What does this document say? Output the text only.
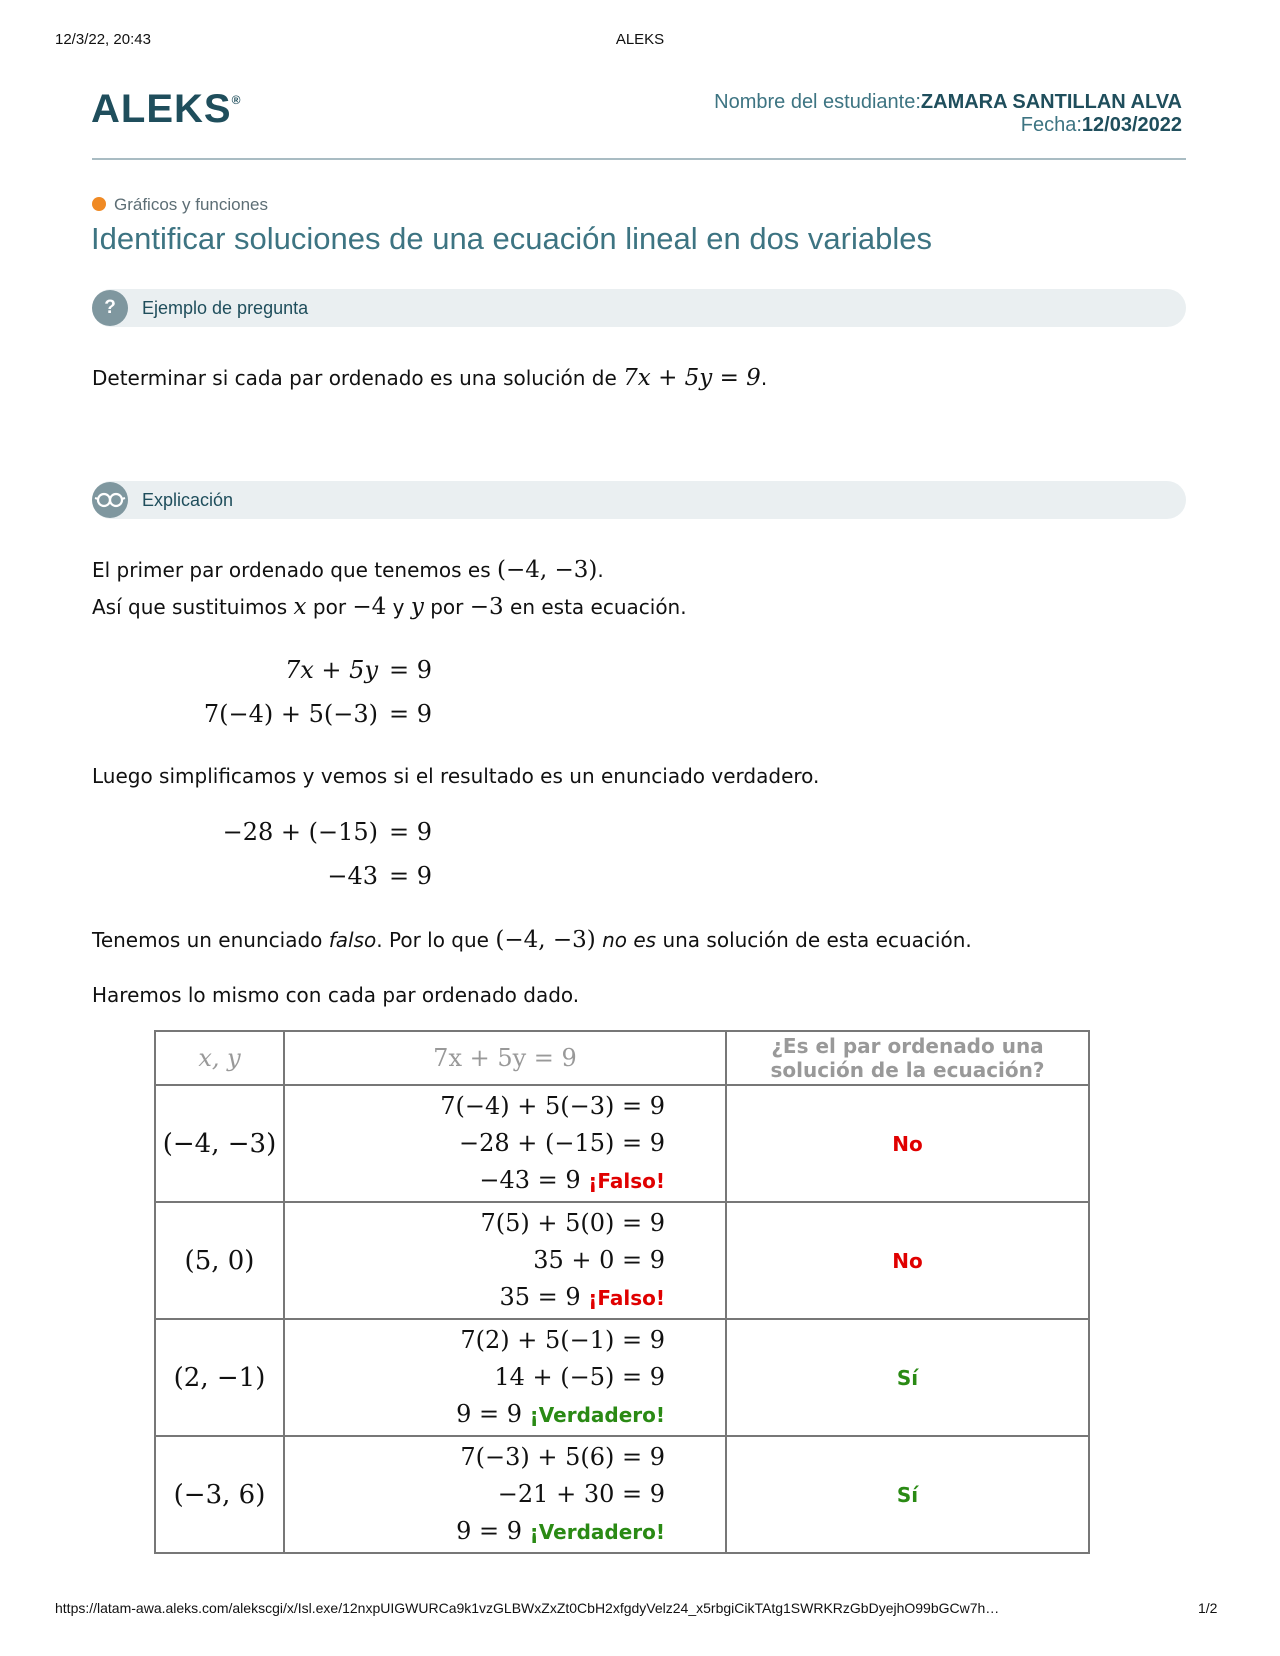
12/3/22, 20:43	ALEKS
ALEKS®	Nombre del estudiante:ZAMARA SANTILLAN ALVA
Fecha:12/03/2022
Gráficos y funciones
Identificar soluciones de una ecuación lineal en dos variables
?	Ejemplo de pregunta
Determinar si cada par ordenado es una solución de 7x + 5y = 9.
Explicación
El primer par ordenado que tenemos es (−4, −3).
Así que sustituimos x por −4 y y por −3 en esta ecuación.
7x + 5y = 9
7(−4) + 5(−3) = 9
Luego simplificamos y vemos si el resultado es un enunciado verdadero.
−28 + (−15) = 9
−43 = 9
Tenemos un enunciado falso. Por lo que (−4, −3) no es una solución de esta ecuación.
Haremos lo mismo con cada par ordenado dado.
x, y	7x + 5y = 9	¿Es el par ordenado una solución de la ecuación?
(−4, −3)	7(−4) + 5(−3) = 9
−28 + (−15) = 9
−43 = 9 ¡Falso!	No
(5, 0)	7(5) + 5(0) = 9
35 + 0 = 9
35 = 9 ¡Falso!	No
(2, −1)	7(2) + 5(−1) = 9
14 + (−5) = 9
9 = 9 ¡Verdadero!	Sí
(−3, 6)	7(−3) + 5(6) = 9
−21 + 30 = 9
9 = 9 ¡Verdadero!	Sí
https://latam-awa.aleks.com/alekscgi/x/Isl.exe/12nxpUIGWURCa9k1vzGLBWxZxZt0CbH2xfgdyVelz24_x5rbgiCikTAtg1SWRKRzGbDyejhO99bGCw7h…	1/2
